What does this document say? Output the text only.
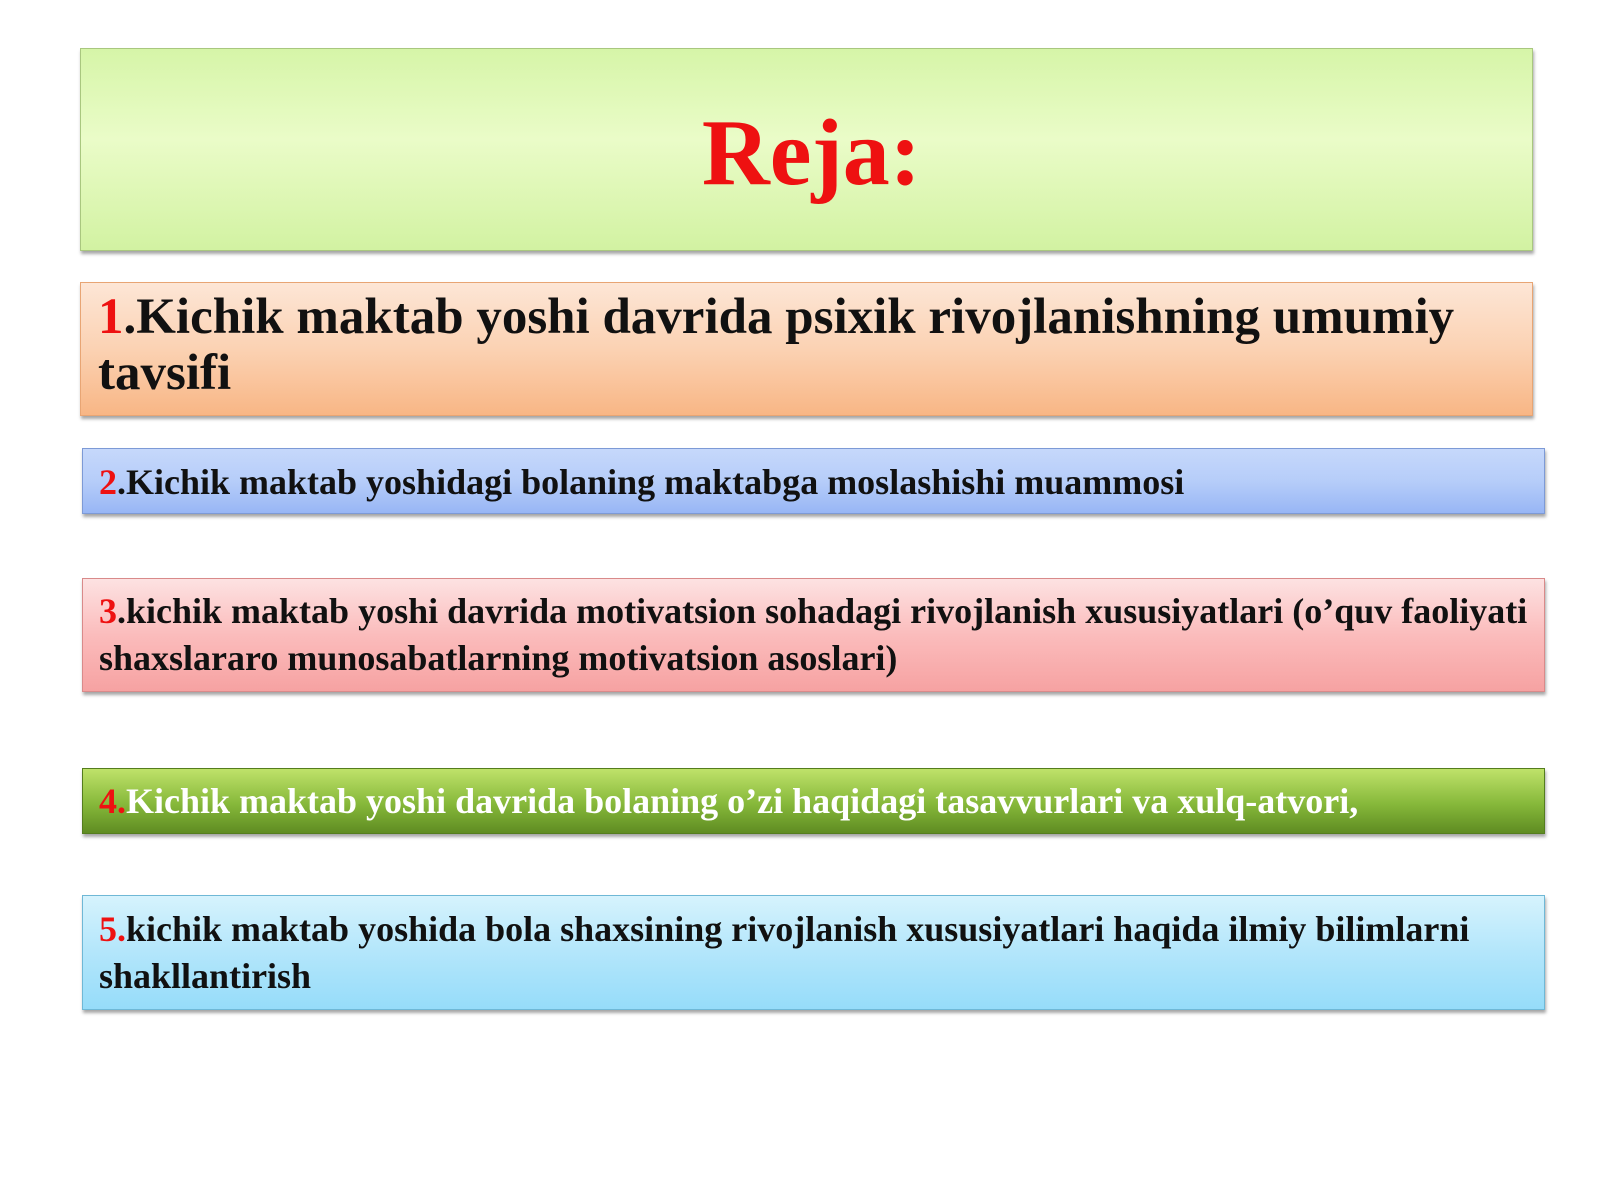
Reja:
1.Kichik maktab yoshi davrida psixik rivojlanishning umumiy tavsifi
2.Kichik maktab yoshidagi bolaning maktabga moslashishi muammosi
3.kichik maktab yoshi davrida motivatsion sohadagi rivojlanish xususiyatlari (o’quv faoliyati shaxslararo munosabatlarning motivatsion asoslari)
4.Kichik maktab yoshi davrida bolaning o’zi haqidagi tasavvurlari va xulq-atvori,
5.kichik maktab yoshida bola shaxsining rivojlanish xususiyatlari haqida ilmiy bilimlarni shakllantirish
